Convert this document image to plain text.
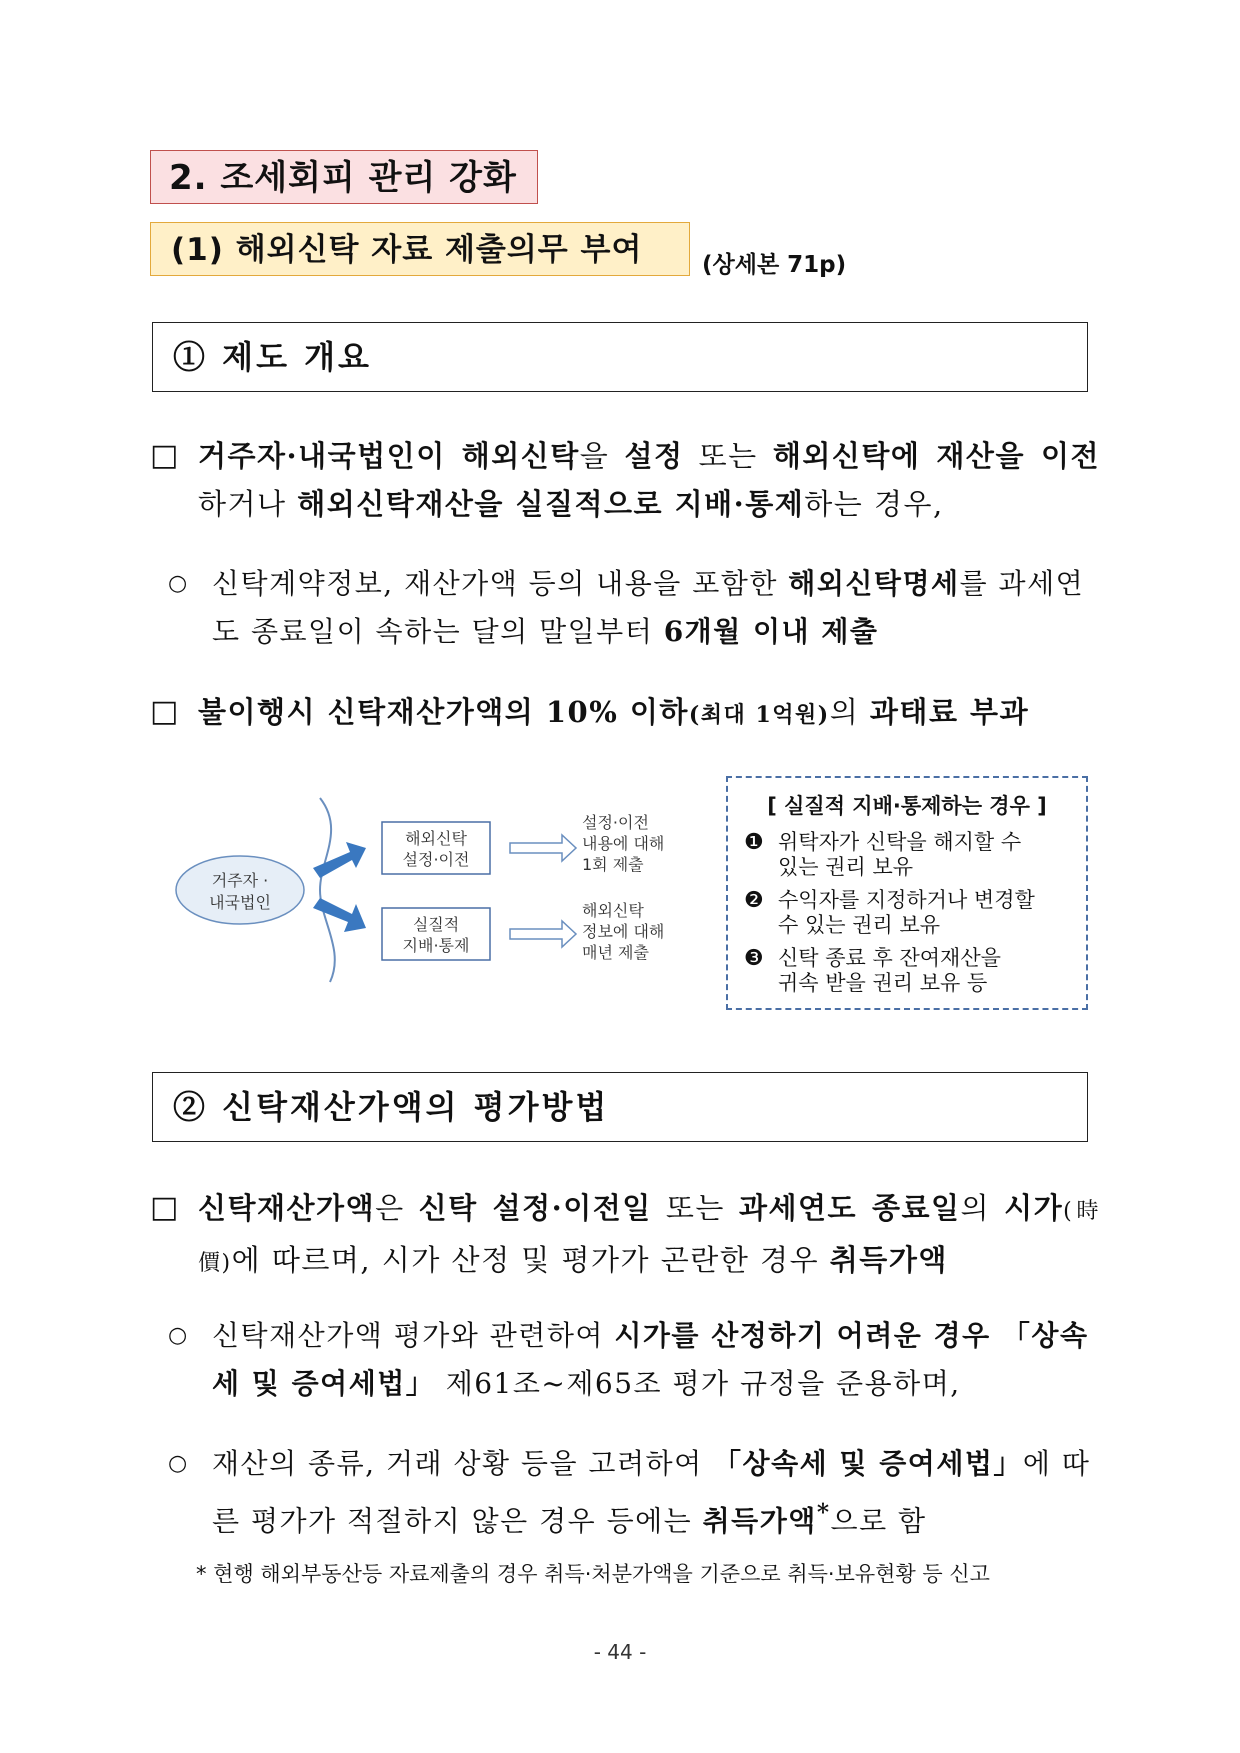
2. 조세회피 관리 강화
(1) 해외신탁 자료 제출의무 부여	(상세본 71p)
① 제도 개요
□ 거주자·내국법인이 해외신탁을 설정 또는 해외신탁에 재산을 이전하거나 해외신탁재산을 실질적으로 지배·통제하는 경우,
○ 신탁계약정보, 재산가액 등의 내용을 포함한 해외신탁명세를 과세연도 종료일이 속하는 달의 말일부터 6개월 이내 제출
□ 불이행시 신탁재산가액의 10% 이하(최대 1억원)의 과태료 부과
거주자 ·
내국법인
해외신탁
설정·이전
실질적
지배·통제
설정·이전
내용에 대해
1회 제출
해외신탁
정보에 대해
매년 제출
[ 실질적 지배·통제하는 경우 ]
❶ 위탁자가 신탁을 해지할 수
있는 권리 보유
❷ 수익자를 지정하거나 변경할
수 있는 권리 보유
❸ 신탁 종료 후 잔여재산을
귀속 받을 권리 보유 등
② 신탁재산가액의 평가방법
□ 신탁재산가액은 신탁 설정·이전일 또는 과세연도 종료일의 시가(時價)에 따르며, 시가 산정 및 평가가 곤란한 경우 취득가액
○ 신탁재산가액 평가와 관련하여 시가를 산정하기 어려운 경우 「상속세 및 증여세법」 제61조~제65조 평가 규정을 준용하며,
○ 재산의 종류, 거래 상황 등을 고려하여 「상속세 및 증여세법」에 따른 평가가 적절하지 않은 경우 등에는 취득가액*으로 함
* 현행 해외부동산등 자료제출의 경우 취득·처분가액을 기준으로 취득·보유현황 등 신고
- 44 -
